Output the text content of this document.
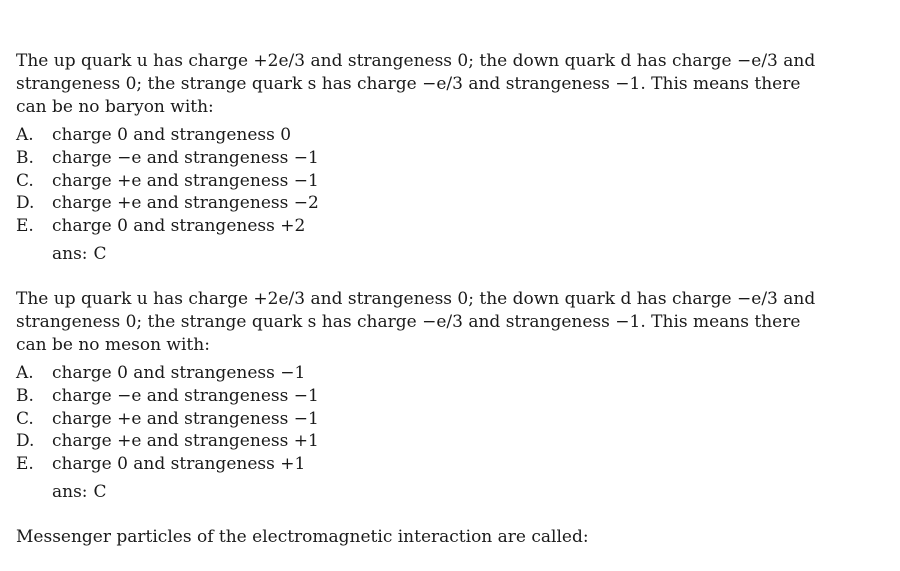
The up quark u has charge +2e/3 and strangeness 0; the down quark d has charge −e/3 and strangeness 0; the strange quark s has charge −e/3 and strangeness −1. This means there can be no baryon with:

A.	charge 0 and strangeness 0
B.	charge −e and strangeness −1
C.	charge +e and strangeness −1
D.	charge +e and strangeness −2
E.	charge 0 and strangeness +2
ans: C

The up quark u has charge +2e/3 and strangeness 0; the down quark d has charge −e/3 and strangeness 0; the strange quark s has charge −e/3 and strangeness −1. This means there can be no meson with:

A.	charge 0 and strangeness −1
B.	charge −e and strangeness −1
C.	charge +e and strangeness −1
D.	charge +e and strangeness +1
E.	charge 0 and strangeness +1
ans: C

Messenger particles of the electromagnetic interaction are called:
